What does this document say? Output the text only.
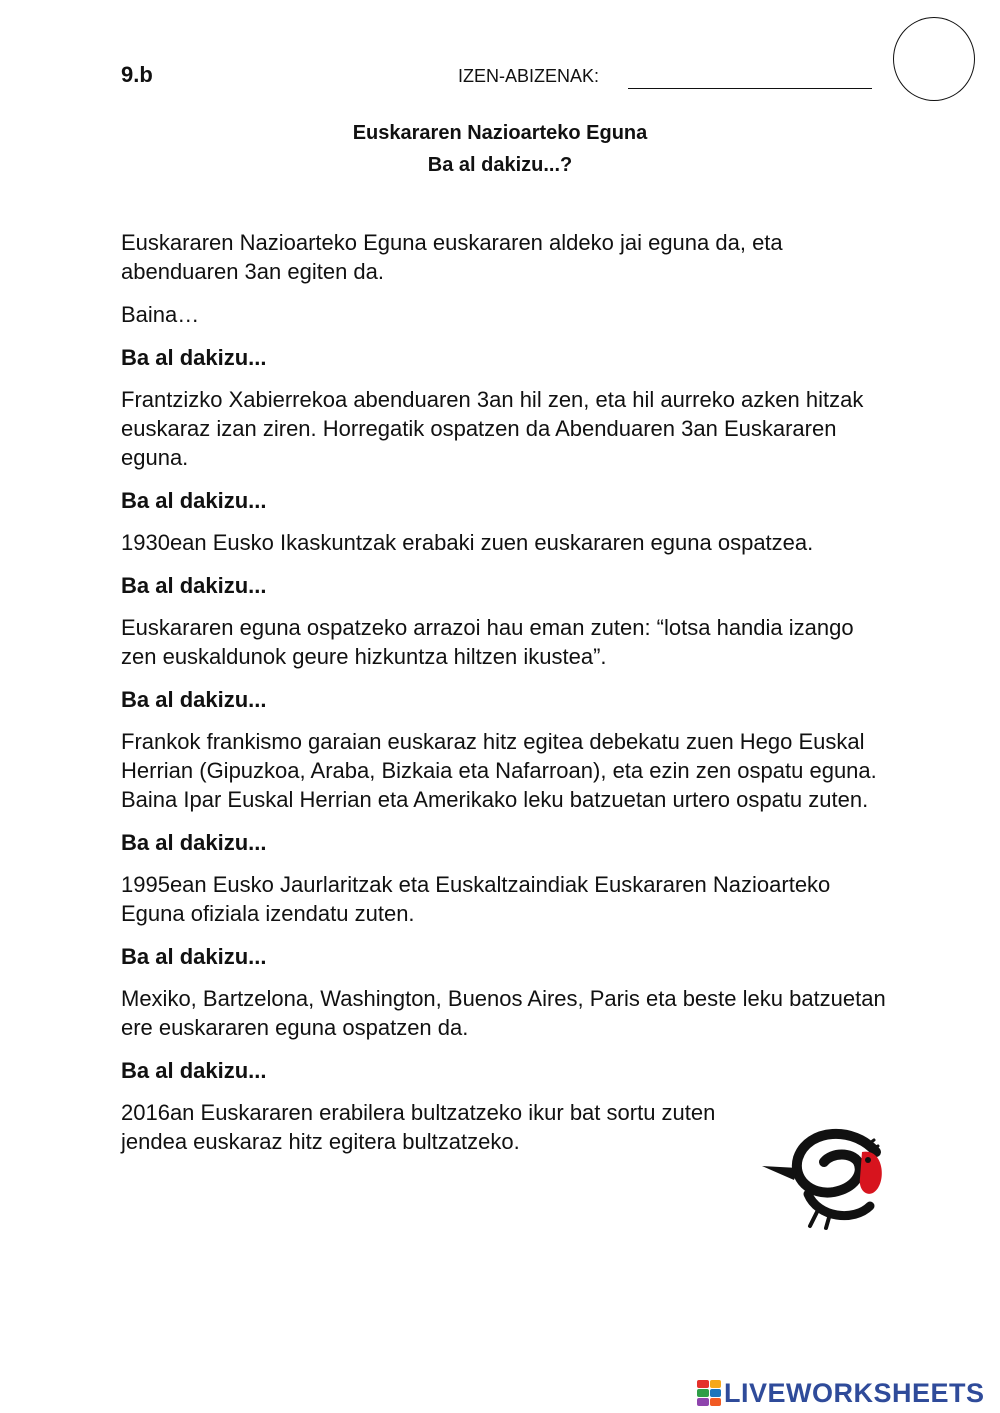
9.b	IZEN-ABIZENAK:
Euskararen Nazioarteko Eguna
Ba al dakizu...?

Euskararen Nazioarteko Eguna euskararen aldeko jai eguna da, eta abenduaren 3an egiten da.

Baina…

Ba al dakizu...

Frantzizko Xabierrekoa abenduaren 3an hil zen, eta hil aurreko azken hitzak euskaraz izan ziren. Horregatik ospatzen da Abenduaren 3an Euskararen eguna.

Ba al dakizu...

1930ean Eusko Ikaskuntzak erabaki zuen euskararen eguna ospatzea.

Ba al dakizu...

Euskararen eguna ospatzeko arrazoi hau eman zuten: “lotsa handia izango zen euskaldunok geure hizkuntza hiltzen ikustea”.

Ba al dakizu...

Frankok frankismo garaian euskaraz hitz egitea debekatu zuen Hego Euskal Herrian (Gipuzkoa, Araba, Bizkaia eta Nafarroan), eta ezin zen ospatu eguna. Baina Ipar Euskal Herrian eta Amerikako leku batzuetan urtero ospatu zuten.

Ba al dakizu...

1995ean Eusko Jaurlaritzak eta Euskaltzaindiak Euskararen Nazioarteko Eguna ofiziala izendatu zuten.

Ba al dakizu...

Mexiko, Bartzelona, Washington, Buenos Aires, Paris eta beste leku batzuetan ere euskararen eguna ospatzen da.

Ba al dakizu...

2016an Euskararen erabilera bultzatzeko ikur bat sortu zuten jendea euskaraz hitz egitera bultzatzeko.

LIVEWORKSHEETS
